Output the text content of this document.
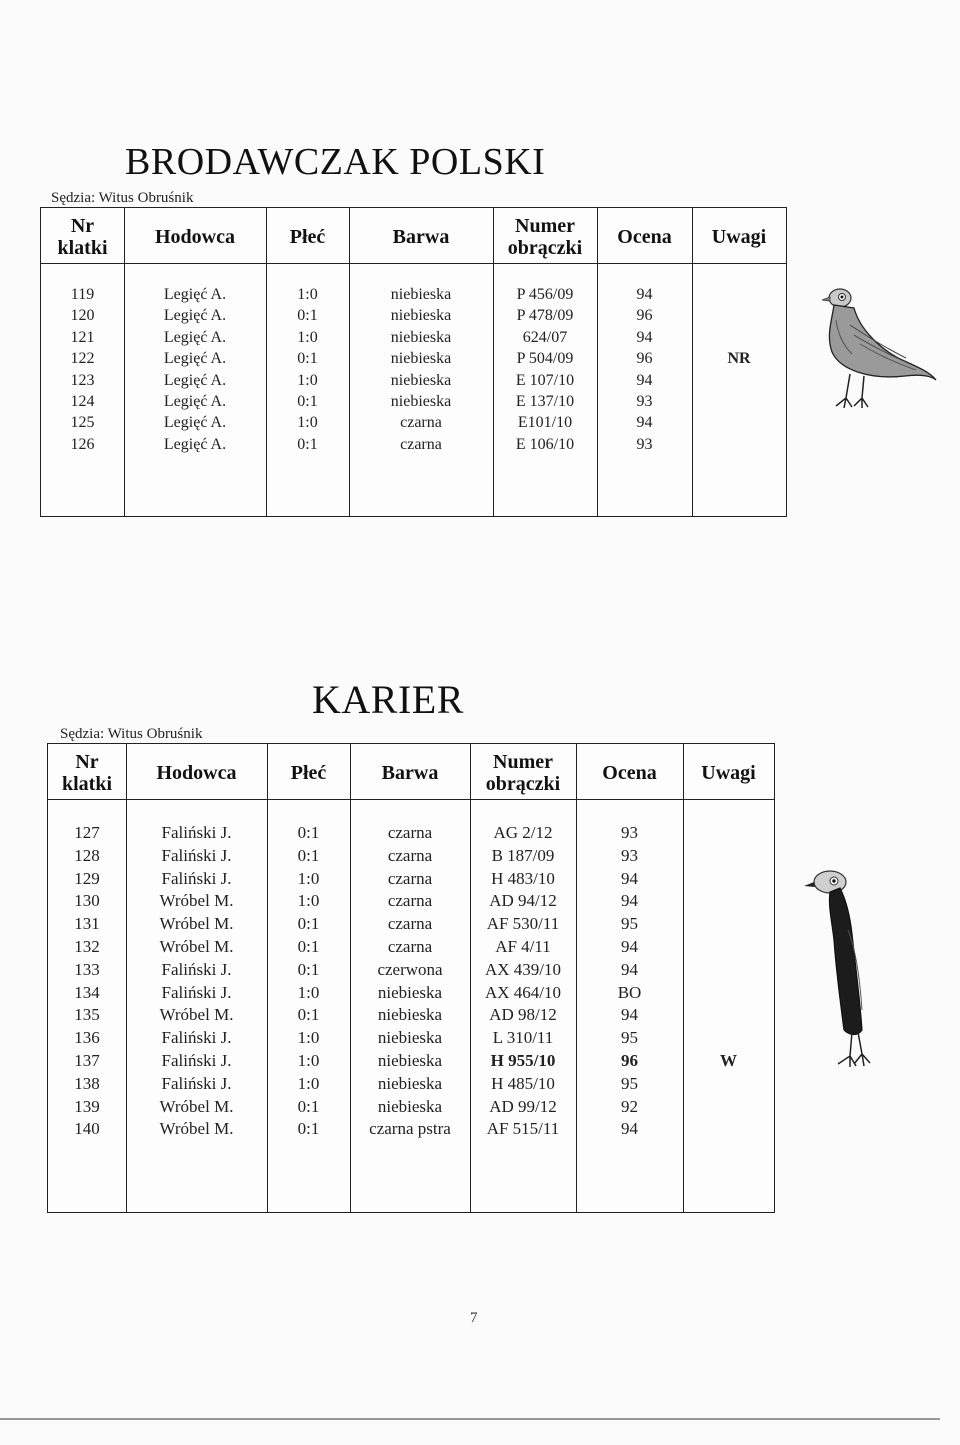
BRODAWCZAK POLSKI
Sędzia: Witus Obruśnik
Nr
klatki	Hodowca	Płeć	Barwa	Numer
obrączki	Ocena	Uwagi
119	Legięć A.	1:0	niebieska	P 456/09	94
120	Legięć A.	0:1	niebieska	P 478/09	96
121	Legięć A.	1:0	niebieska	624/07	94
122	Legięć A.	0:1	niebieska	P 504/09	96	NR
123	Legięć A.	1:0	niebieska	E 107/10	94
124	Legięć A.	0:1	niebieska	E 137/10	93
125	Legięć A.	1:0	czarna	E101/10	94
126	Legięć A.	0:1	czarna	E 106/10	93
KARIER
Sędzia: Witus Obruśnik
Nr
klatki	Hodowca	Płeć	Barwa	Numer
obrączki	Ocena	Uwagi
127	Faliński J.	0:1	czarna	AG 2/12	93
128	Faliński J.	0:1	czarna	B 187/09	93
129	Faliński J.	1:0	czarna	H 483/10	94
130	Wróbel M.	1:0	czarna	AD 94/12	94
131	Wróbel M.	0:1	czarna	AF 530/11	95
132	Wróbel M.	0:1	czarna	AF 4/11	94
133	Faliński J.	0:1	czerwona	AX 439/10	94
134	Faliński J.	1:0	niebieska	AX 464/10	BO
135	Wróbel M.	0:1	niebieska	AD 98/12	94
136	Faliński J.	1:0	niebieska	L 310/11	95
137	Faliński J.	1:0	niebieska	H 955/10	96	W
138	Faliński J.	1:0	niebieska	H 485/10	95
139	Wróbel M.	0:1	niebieska	AD 99/12	92
140	Wróbel M.	0:1	czarna pstra	AF 515/11	94
7
